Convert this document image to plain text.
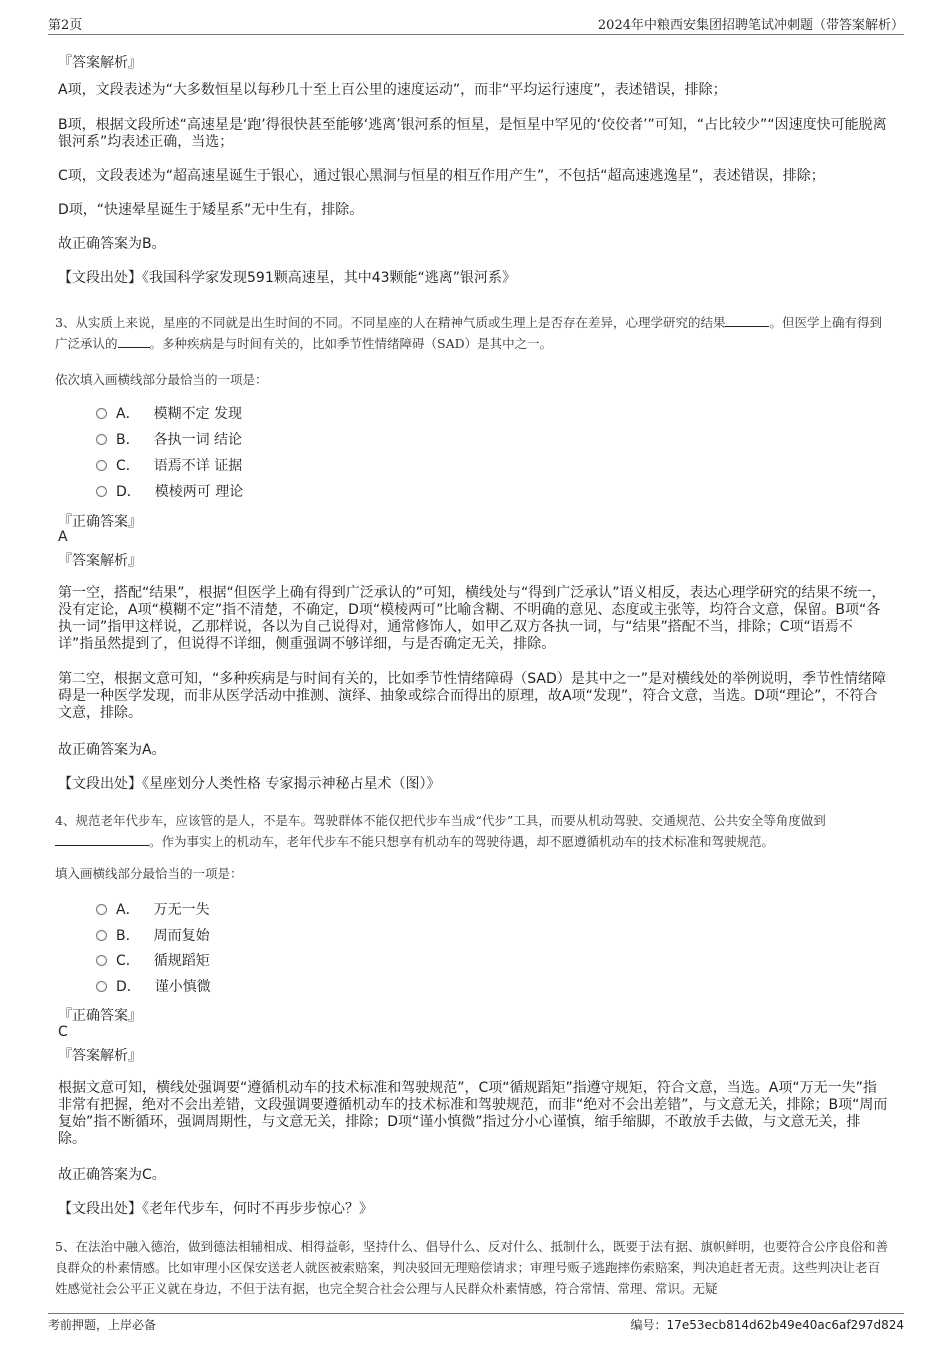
第2页	2024年中粮西安集团招聘笔试冲刺题（带答案解析）
『答案解析』
A项，文段表述为“大多数恒星以每秒几十至上百公里的速度运动”，而非“平均运行速度”，表述错误，排除；
B项，根据文段所述“高速星是‘跑’得很快甚至能够‘逃离’银河系的恒星，是恒星中罕见的‘佼佼者’”可知，“占比较少”“因速度快可能脱离银河系”均表述正确，当选；
C项，文段表述为“超高速星诞生于银心，通过银心黑洞与恒星的相互作用产生”，不包括“超高速逃逸星”，表述错误，排除；
D项，“快速晕星诞生于矮星系”无中生有，排除。
故正确答案为B。
【文段出处】《我国科学家发现591颗高速星，其中43颗能“逃离”银河系》
3、从实质上来说，星座的不同就是出生时间的不同。不同星座的人在精神气质或生理上是否存在差异，心理学研究的结果	。但医学上确有得到广泛承认的	。多种疾病是与时间有关的，比如季节性情绪障碍（SAD）是其中之一。
依次填入画横线部分最恰当的一项是：
A． 模糊不定 发现
B． 各执一词 结论
C． 语焉不详 证据
D． 模棱两可 理论
『正确答案』
A
『答案解析』
第一空，搭配“结果”，根据“但医学上确有得到广泛承认的”可知，横线处与“得到广泛承认”语义相反，表达心理学研究的结果不统一，没有定论，A项“模糊不定”指不清楚，不确定，D项“模棱两可”比喻含糊、不明确的意见、态度或主张等，均符合文意，保留。B项“各执一词”指甲这样说，乙那样说，各以为自己说得对，通常修饰人，如甲乙双方各执一词，与“结果”搭配不当，排除；C项“语焉不详”指虽然提到了，但说得不详细，侧重强调不够详细，与是否确定无关，排除。
第二空，根据文意可知，“多种疾病是与时间有关的，比如季节性情绪障碍（SAD）是其中之一”是对横线处的举例说明，季节性情绪障碍是一种医学发现，而非从医学活动中推测、演绎、抽象或综合而得出的原理，故A项“发现”，符合文意，当选。D项“理论”，不符合文意，排除。
故正确答案为A。
【文段出处】《星座划分人类性格 专家揭示神秘占星术（图）》
4、规范老年代步车，应该管的是人，不是车。驾驶群体不能仅把代步车当成“代步”工具，而要从机动驾驶、交通规范、公共安全等角度做到。作为事实上的机动车，老年代步车不能只想享有机动车的驾驶待遇，却不愿遵循机动车的技术标准和驾驶规范。
填入画横线部分最恰当的一项是：
A． 万无一失
B． 周而复始
C． 循规蹈矩
D． 谨小慎微
『正确答案』
C
『答案解析』
根据文意可知，横线处强调要“遵循机动车的技术标准和驾驶规范”，C项“循规蹈矩”指遵守规矩，符合文意，当选。A项“万无一失”指非常有把握，绝对不会出差错，文段强调要遵循机动车的技术标准和驾驶规范，而非“绝对不会出差错”，与文意无关，排除；B项“周而复始”指不断循环，强调周期性，与文意无关，排除；D项“谨小慎微”指过分小心谨慎，缩手缩脚，不敢放手去做，与文意无关，排除。
故正确答案为C。
【文段出处】《老年代步车，何时不再步步惊心？》
5、在法治中融入德治，做到德法相辅相成、相得益彰，坚持什么、倡导什么、反对什么、抵制什么，既要于法有据、旗帜鲜明，也要符合公序良俗和善良群众的朴素情感。比如审理小区保安送老人就医被索赔案，判决驳回无理赔偿请求；审理号贩子逃跑摔伤索赔案，判决追赶者无责。这些判决让老百姓感觉社会公平正义就在身边，不但于法有据，也完全契合社会公理与人民群众朴素情感，符合常情、常理、常识。无疑
考前押题，上岸必备	编号：17e53ecb814d62b49e40ac6af297d824
